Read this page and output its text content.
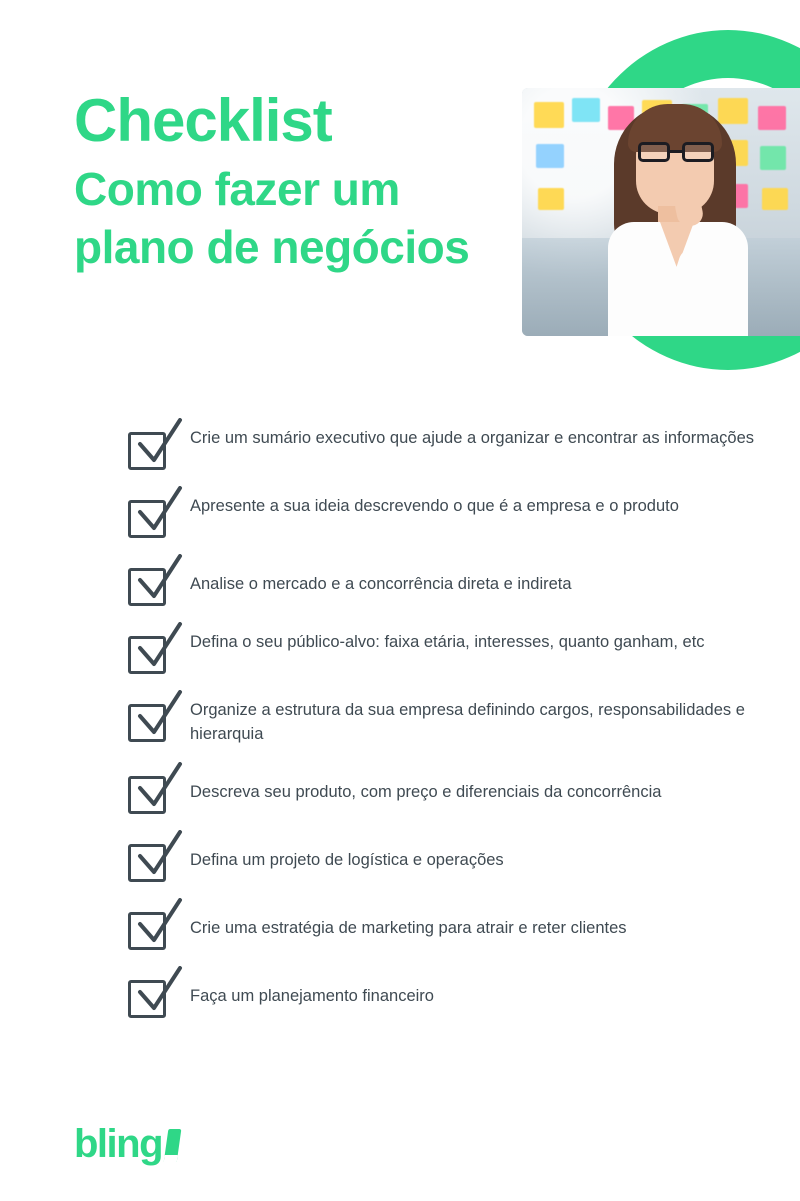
Checklist
Como fazer um plano de negócios
Crie um sumário executivo que ajude a organizar e encontrar as informações
Apresente a sua ideia descrevendo o que é a empresa e o produto
Analise o mercado e a concorrência direta e indireta
Defina o seu público-alvo: faixa etária, interesses, quanto ganham, etc
Organize a estrutura da sua empresa definindo cargos, responsabilidades e hierarquia
Descreva seu produto, com preço e diferenciais da concorrência
Defina um projeto de logística e operações
Crie uma estratégia de marketing para atrair e reter clientes
Faça um planejamento financeiro
bling
